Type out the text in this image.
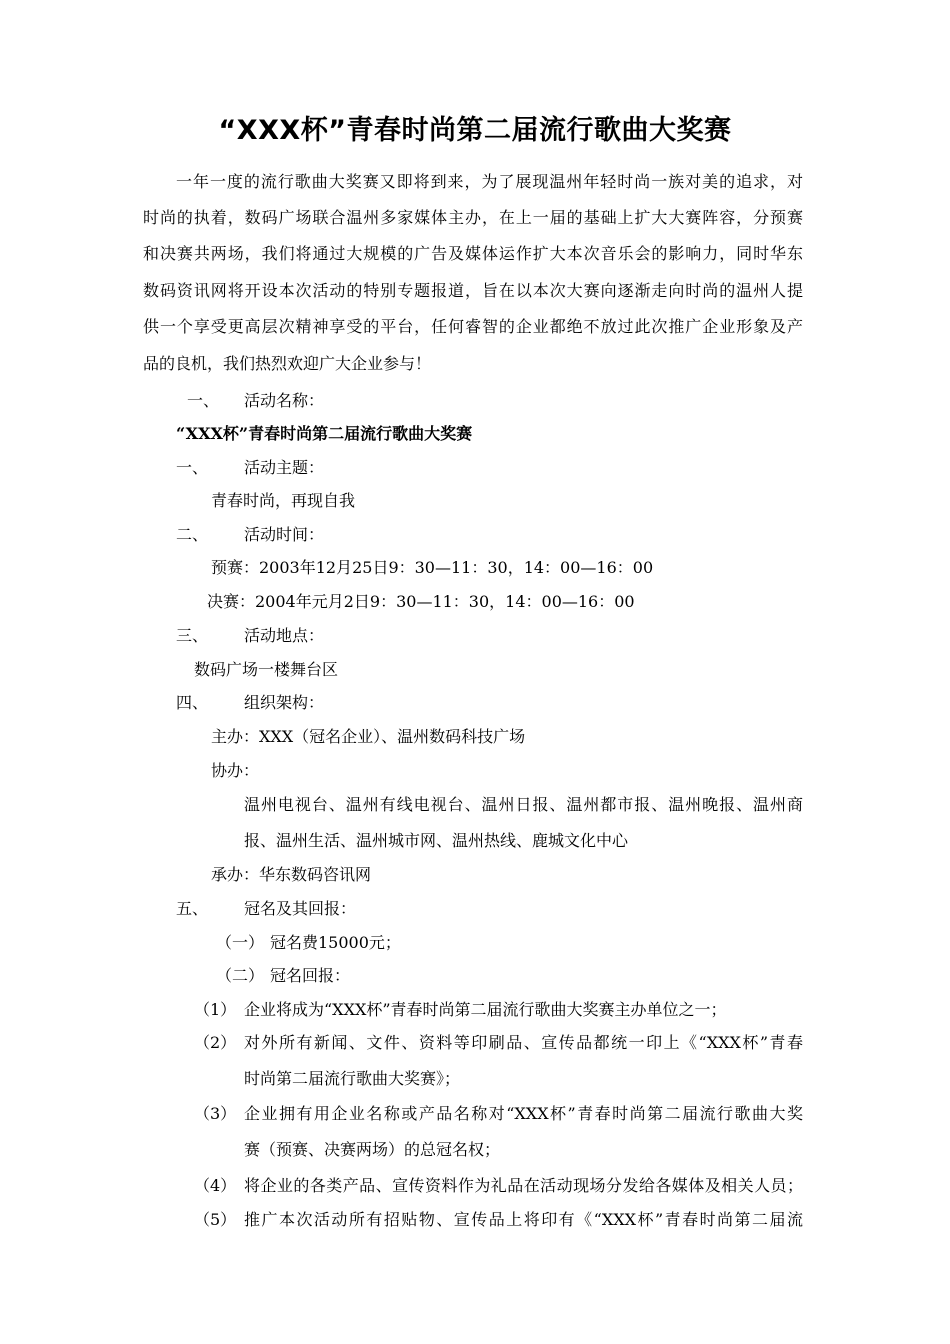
“XXX杯”青春时尚第二届流行歌曲大奖赛
一年一度的流行歌曲大奖赛又即将到来，为了展现温州年轻时尚一族对美的追求，对
时尚的执着，数码广场联合温州多家媒体主办，在上一届的基础上扩大大赛阵容，分预赛
和决赛共两场，我们将通过大规模的广告及媒体运作扩大本次音乐会的影响力，同时华东
数码资讯网将开设本次活动的特别专题报道，旨在以本次大赛向逐渐走向时尚的温州人提
供一个享受更高层次精神享受的平台，任何睿智的企业都绝不放过此次推广企业形象及产
品的良机，我们热烈欢迎广大企业参与！
一、 活动名称：
“XXX杯”青春时尚第二届流行歌曲大奖赛
一、 活动主题：
青春时尚，再现自我
二、 活动时间：
预赛：2003年12月25日9：30—11：30，14：00—16：00
决赛：2004年元月2日9：30—11：30，14：00—16：00
三、 活动地点：
数码广场一楼舞台区
四、 组织架构：
主办：XXX（冠名企业）、温州数码科技广场
协办：
温州电视台、温州有线电视台、温州日报、温州都市报、温州晚报、温州商
报、温州生活、温州城市网、温州热线、鹿城文化中心
承办：华东数码咨讯网
五、 冠名及其回报：
（一） 冠名费15000元；
（二） 冠名回报：
（1） 企业将成为“XXX杯”青春时尚第二届流行歌曲大奖赛主办单位之一；
（2） 对外所有新闻、文件、资料等印刷品、宣传品都统一印上《“XXX杯”青春
时尚第二届流行歌曲大奖赛》；
（3） 企业拥有用企业名称或产品名称对“XXX杯”青春时尚第二届流行歌曲大奖
赛（预赛、决赛两场）的总冠名权；
（4） 将企业的各类产品、宣传资料作为礼品在活动现场分发给各媒体及相关人员；
（5） 推广本次活动所有招贴物、宣传品上将印有《“XXX杯”青春时尚第二届流
